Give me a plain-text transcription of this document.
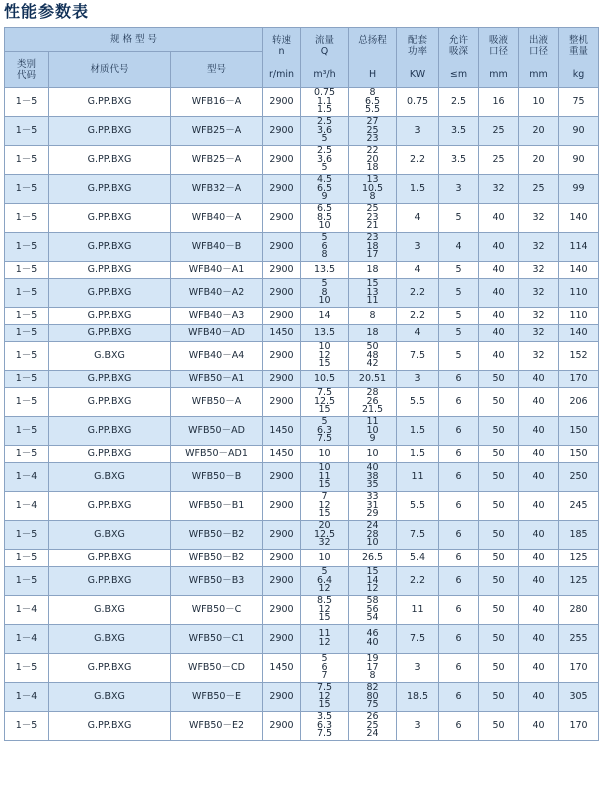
性能参数表
规 格 型 号			转速
n
r/min	流量
Q
m³/h	总扬程
H	配套
功率
KW	允许
吸深
≤m	吸液
口径
mm	出液
口径
mm	整机
重量
kg

类别
代码	材质代号	型号								
1－5	G.PP.BXG	WFB16－A	2900	0.75
1.1
1.5	8
6.5
5.5	0.75	2.5	16	10	75
1－5	G.PP.BXG	WFB25－A	2900	2.5
3.6
5	27
25
23	3	3.5	25	20	90
1－5	G.PP.BXG	WFB25－A	2900	2.5
3.6
5	22
20
18	2.2	3.5	25	20	90
1－5	G.PP.BXG	WFB32－A	2900	4.5
6.5
9	13
10.5
8	1.5	3	32	25	99
1－5	G.PP.BXG	WFB40－A	2900	6.5
8.5
10	25
23
21	4	5	40	32	140
1－5	G.PP.BXG	WFB40－B	2900	5
6
8	23
18
17	3	4	40	32	114
1－5	G.PP.BXG	WFB40－A1	2900	13.5	18	4	5	40	32	140
1－5	G.PP.BXG	WFB40－A2	2900	5
8
10	15
13
11	2.2	5	40	32	110
1－5	G.PP.BXG	WFB40－A3	2900	14	8	2.2	5	40	32	110
1－5	G.PP.BXG	WFB40－AD	1450	13.5	18	4	5	40	32	140
1－5	G.BXG	WFB40－A4	2900	10
12
15	50
48
42	7.5	5	40	32	152
1－5	G.PP.BXG	WFB50－A1	2900	10.5	20.51	3	6	50	40	170
1－5	G.PP.BXG	WFB50－A	2900	7.5
12.5
15	28
26
21.5	5.5	6	50	40	206
1－5	G.PP.BXG	WFB50－AD	1450	5
6.3
7.5	11
10
9	1.5	6	50	40	150
1－5	G.PP.BXG	WFB50－AD1	1450	10	10	1.5	6	50	40	150
1－4	G.BXG	WFB50－B	2900	10
11
15	40
38
35	11	6	50	40	250
1－4	G.PP.BXG	WFB50－B1	2900	7
12
15	33
31
29	5.5	6	50	40	245
1－5	G.BXG	WFB50－B2	2900	20
12.5
32	24
28
10	7.5	6	50	40	185
1－5	G.PP.BXG	WFB50－B2	2900	10	26.5	5.4	6	50	40	125
1－5	G.PP.BXG	WFB50－B3	2900	5
6.4
12	15
14
12	2.2	6	50	40	125
1－4	G.BXG	WFB50－C	2900	8.5
12
15	58
56
54	11	6	50	40	280
1－4	G.BXG	WFB50－C1	2900	11
12	46
40	7.5	6	50	40	255
1－5	G.PP.BXG	WFB50－CD	1450	5
6
7	19
17
8	3	6	50	40	170
1－4	G.BXG	WFB50－E	2900	7.5
12
15	82
80
75	18.5	6	50	40	305
1－5	G.PP.BXG	WFB50－E2	2900	3.5
6.3
7.5	26
25
24	3	6	50	40	170
